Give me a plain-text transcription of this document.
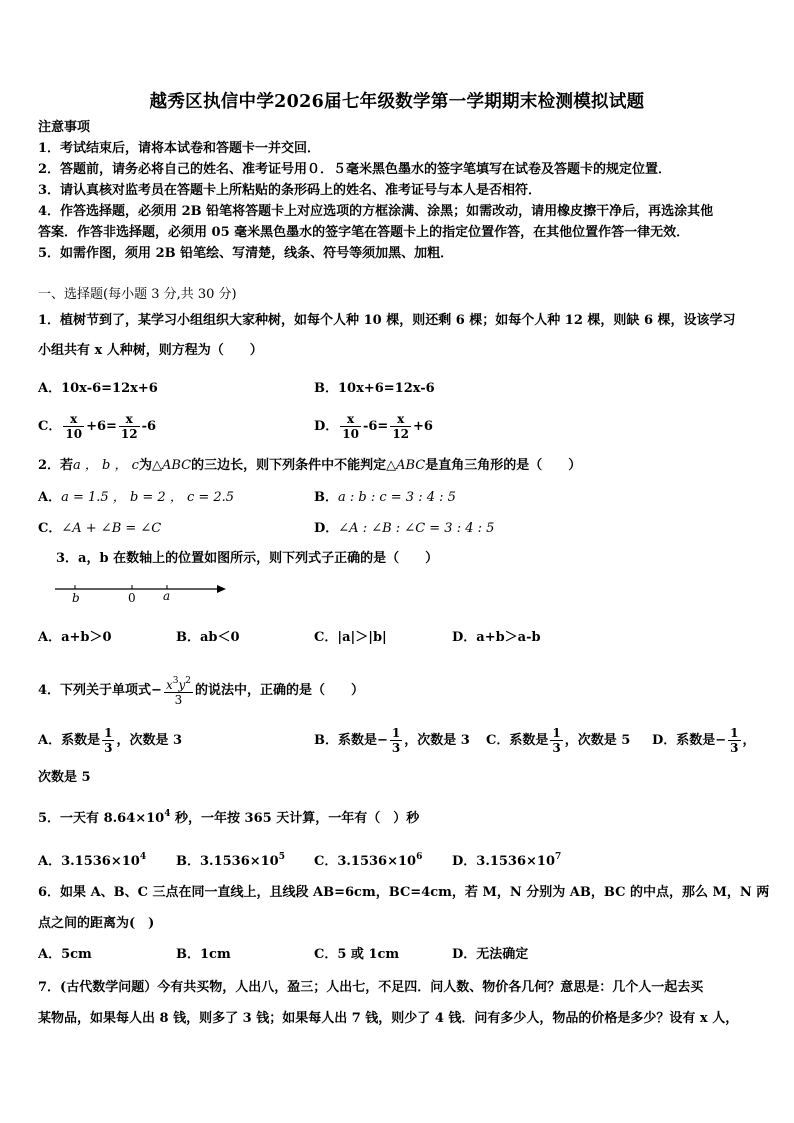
越秀区执信中学2026届七年级数学第一学期期末检测模拟试题
注意事项
1．考试结束后，请将本试卷和答题卡一并交回．
2．答题前，请务必将自己的姓名、准考证号用０．５毫米黑色墨水的签字笔填写在试卷及答题卡的规定位置．
3．请认真核对监考员在答题卡上所粘贴的条形码上的姓名、准考证号与本人是否相符．
4．作答选择题，必须用 2B 铅笔将答题卡上对应选项的方框涂满、涂黑；如需改动，请用橡皮擦干净后，再选涂其他
答案．作答非选择题，必须用 05 毫米黑色墨水的签字笔在答题卡上的指定位置作答，在其他位置作答一律无效．
5．如需作图，须用 2B 铅笔绘、写清楚，线条、符号等须加黑、加粗．
一、选择题(每小题 3 分,共 30 分)
1．植树节到了，某学习小组组织大家种树，如每个人种 10 棵，则还剩 6 棵；如每个人种 12 棵，则缺 6 棵，设该学习
小组共有 x 人种树，则方程为（　　）
A．10x-6=12x+6	B．10x+6=12x-6
C． $\frac{x}{10} +6= \frac{x}{12} -6$	D． $\frac{x}{10} -6= \frac{x}{12} +6$
2．若a ， b ， c为△ABC的三边长，则下列条件中不能判定△ABC是直角三角形的是（　　）
A．a = 1.5 ， b = 2 ， c = 2.5	B．a : b : c = 3 : 4 : 5
C．∠A + ∠B = ∠C	D．∠A : ∠B : ∠C = 3 : 4 : 5
3．a，b 在数轴上的位置如图所示，则下列式子正确的是（　　）
b	0 a
A．a+b＞0	B．ab＜0	C．|a|＞|b|	D．a+b＞a-b
4．下列关于单项式− $\frac{x^3y^2}{3}$ 的说法中，正确的是（　　）
A．系数是 $\frac{1}{3}$ ，次数是 3	B．系数是− $\frac{1}{3}$ ，次数是 3 C．系数是 $\frac{1}{3}$ ，次数是 5 D．系数是− $\frac{1}{3}$ ，
次数是 5
5．一天有 $8.64\times 10^4$ 秒，一年按 365 天计算，一年有（　）秒
A．$3.1536\times 10^4$ B．$3.1536\times 10^5$ C．$3.1536\times 10^6$ D．$3.1536\times 10^7$
6．如果 A、B、C 三点在同一直线上，且线段 AB=6cm，BC=4cm，若 M，N 分别为 AB，BC 的中点，那么 M，N 两
点之间的距离为(　)
A．5cm	B．1cm	C．5 或 1cm	D．无法确定
7．(古代数学问题）今有共买物，人出八，盈三；人出七，不足四．问人数、物价各几何？意思是：几个人一起去买
某物品，如果每人出 8 钱，则多了 3 钱；如果每人出 7 钱，则少了 4 钱．问有多少人，物品的价格是多少？设有 x 人，
